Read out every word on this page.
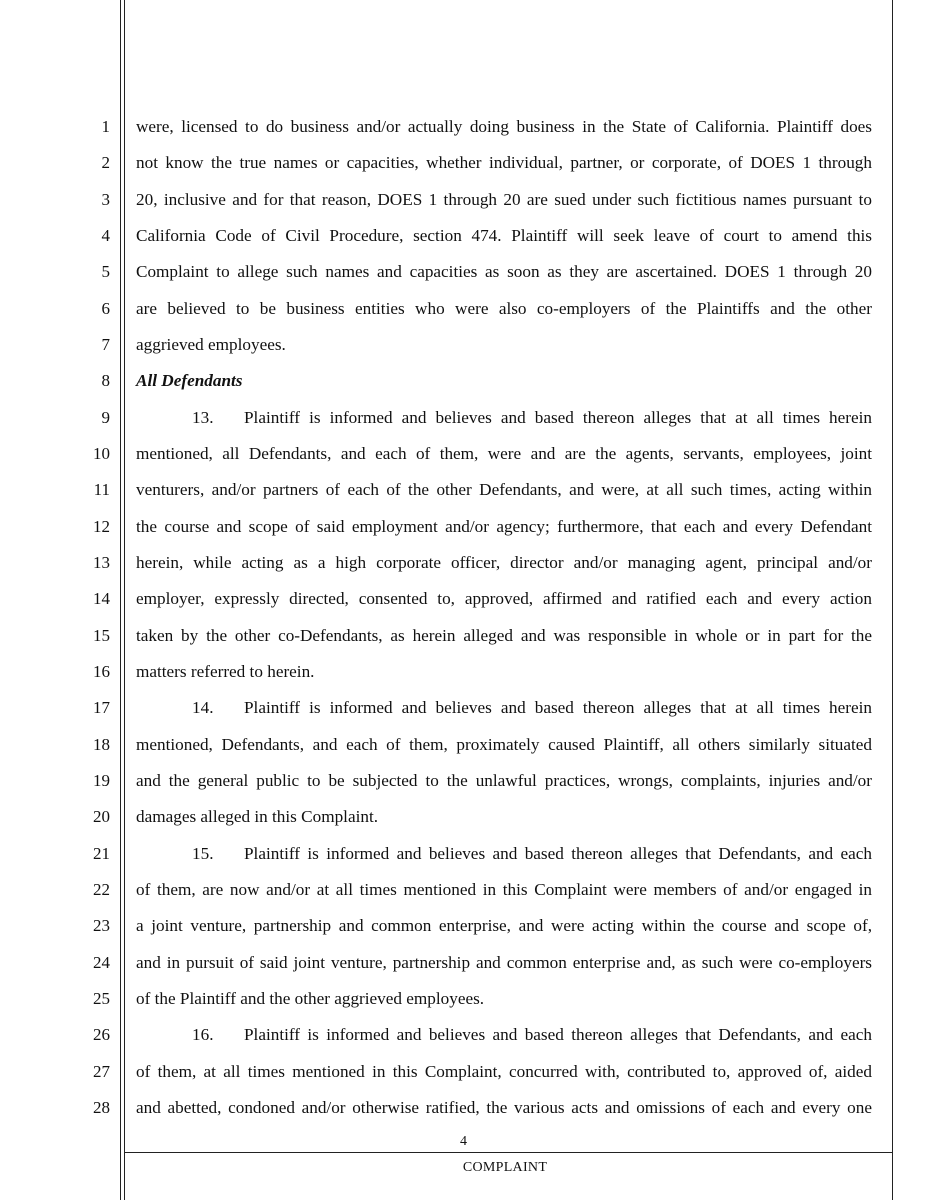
1
2
3
4
5
6
7
8
9
10
11
12
13
14
15
16
17
18
19
20
21
22
23
24
25
26
27
28
were, licensed to do business and/or actually doing business in the State of California. Plaintiff does
not know the true names or capacities, whether individual, partner, or corporate, of DOES 1 through
20, inclusive and for that reason, DOES 1 through 20 are sued under such fictitious names pursuant to
California Code of Civil Procedure, section 474. Plaintiff will seek leave of court to amend this
Complaint to allege such names and capacities as soon as they are ascertained. DOES 1 through 20
are believed to be business entities who were also co-employers of the Plaintiffs and the other
aggrieved employees.
All Defendants
13. Plaintiff is informed and believes and based thereon alleges that at all times herein
mentioned, all Defendants, and each of them, were and are the agents, servants, employees, joint
venturers, and/or partners of each of the other Defendants, and were, at all such times, acting within
the course and scope of said employment and/or agency; furthermore, that each and every Defendant
herein, while acting as a high corporate officer, director and/or managing agent, principal and/or
employer, expressly directed, consented to, approved, affirmed and ratified each and every action
taken by the other co-Defendants, as herein alleged and was responsible in whole or in part for the
matters referred to herein.
14. Plaintiff is informed and believes and based thereon alleges that at all times herein
mentioned, Defendants, and each of them, proximately caused Plaintiff, all others similarly situated
and the general public to be subjected to the unlawful practices, wrongs, complaints, injuries and/or
damages alleged in this Complaint.
15. Plaintiff is informed and believes and based thereon alleges that Defendants, and each
of them, are now and/or at all times mentioned in this Complaint were members of and/or engaged in
a joint venture, partnership and common enterprise, and were acting within the course and scope of,
and in pursuit of said joint venture, partnership and common enterprise and, as such were co-employers
of the Plaintiff and the other aggrieved employees.
16. Plaintiff is informed and believes and based thereon alleges that Defendants, and each
of them, at all times mentioned in this Complaint, concurred with, contributed to, approved of, aided
and abetted, condoned and/or otherwise ratified, the various acts and omissions of each and every one
4
COMPLAINT
